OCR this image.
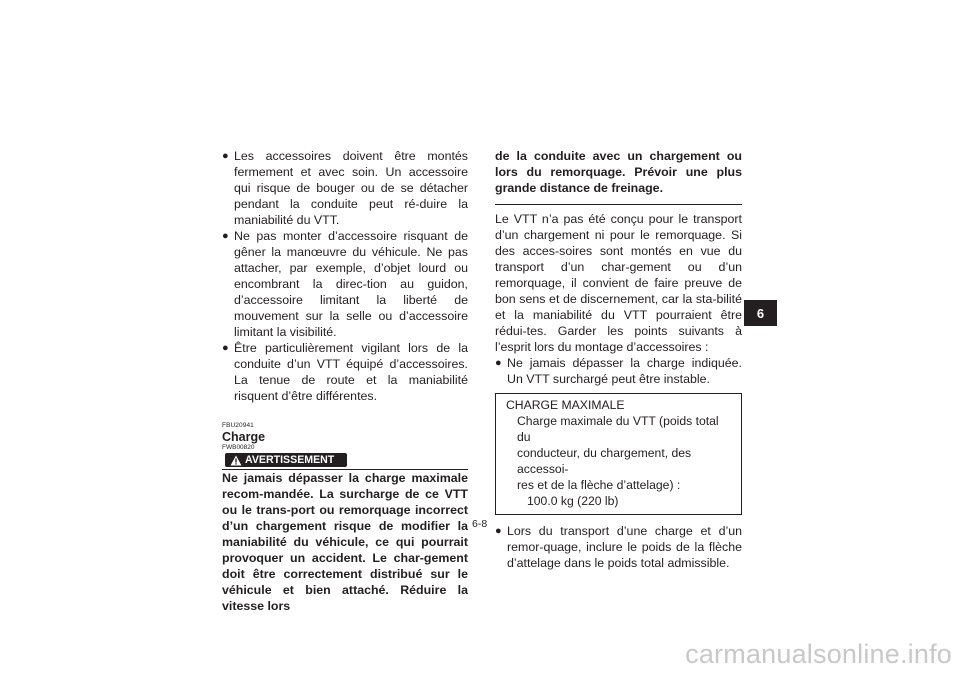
● Les accessoires doivent être montés fermement et avec soin. Un accessoire qui risque de bouger ou de se détacher pendant la conduite peut ré-duire la maniabilité du VTT.
● Ne pas monter d’accessoire risquant de gêner la manœuvre du véhicule. Ne pas attacher, par exemple, d’objet lourd ou encombrant la direc-tion au guidon, d’accessoire limitant la liberté de mouvement sur la selle ou d’accessoire limitant la visibilité.
● Être particulièrement vigilant lors de la conduite d’un VTT équipé d’accessoires. La tenue de route et la maniabilité risquent d’être différentes.
FBU20941
Charge
FWB00820
AVERTISSEMENT
Ne jamais dépasser la charge maximale recom-mandée. La surcharge de ce VTT ou le trans-port ou remorquage incorrect d’un chargement risque de modifier la maniabilité du véhicule, ce qui pourrait provoquer un accident. Le char-gement doit être correctement distribué sur le véhicule et bien attaché. Réduire la vitesse lors
de la conduite avec un chargement ou lors du remorquage. Prévoir une plus grande distance de freinage.
Le VTT n’a pas été conçu pour le transport d’un chargement ni pour le remorquage. Si des acces-soires sont montés en vue du transport d’un char-gement ou d’un remorquage, il convient de faire preuve de bon sens et de discernement, car la sta-bilité et la maniabilité du VTT pourraient être rédui-tes. Garder les points suivants à l’esprit lors du montage d’accessoires :
● Ne jamais dépasser la charge indiquée. Un VTT surchargé peut être instable.
CHARGE MAXIMALE
Charge maximale du VTT (poids total du
conducteur, du chargement, des accessoi-
res et de la flèche d’attelage) :
100.0 kg (220 lb)
● Lors du transport d’une charge et d’un remor-quage, inclure le poids de la flèche d’attelage dans le poids total admissible.
6
6-8
carmanualsonline.info
